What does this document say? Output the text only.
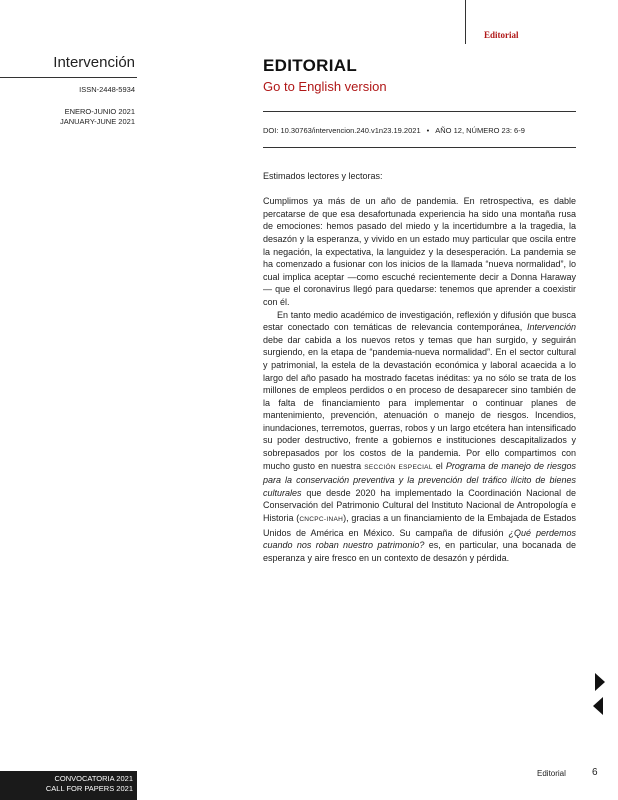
Editorial
Intervención
ISSN-2448-5934
ENERO-JUNIO 2021
JANUARY-JUNE 2021
EDITORIAL
Go to English version
DOI: 10.30763/intervencion.240.v1n23.19.2021 • AÑO 12, NÚMERO 23: 6-9

Estimados lectores y lectoras:

Cumplimos ya más de un año de pandemia. En retrospectiva, es dable percatarse de que esa desafortunada experiencia ha sido una montaña rusa de emociones: hemos pasado del miedo y la incertidumbre a la tragedia, la desazón y la esperanza, y vivido en un estado muy particular que oscila entre la negación, la expectativa, la languidez y la desesperación. La pandemia se ha comenzado a fusionar con los inicios de la llamada “nueva normalidad”, lo cual implica aceptar —como escuché recientemente decir a Donna Haraway— que el coronavirus llegó para quedarse: tenemos que aprender a coexistir con él.

En tanto medio académico de investigación, reflexión y difusión que busca estar conectado con temáticas de relevancia contemporánea, Intervención debe dar cabida a los nuevos retos y temas que han surgido, y seguirán surgiendo, en la etapa de “pandemia-nueva normalidad”. En el sector cultural y patrimonial, la estela de la devastación económica y laboral acaecida a lo largo del año pasado ha mostrado facetas inéditas: ya no sólo se trata de los millones de empleos perdidos o en proceso de desaparecer sino también de la falta de financiamiento para implementar o continuar planes de mantenimiento, prevención, atenuación o manejo de riesgos. Incendios, inundaciones, terremotos, guerras, robos y un largo etcétera han intensificado su poder destructivo, frente a gobiernos e instituciones descapitalizados y sobrepasados por los costos de la pandemia. Por ello compartimos con mucho gusto en nuestra SECCIÓN ESPECIAL el Programa de manejo de riesgos para la conservación preventiva y la prevención del tráfico ilícito de bienes culturales que desde 2020 ha implementado la Coordinación Nacional de Conservación del Patrimonio Cultural del Instituto Nacional de Antropología e Historia (CNCPC-INAH), gracias a un financiamiento de la Embajada de Estados Unidos de América en México. Su campaña de difusión ¿Qué perdemos cuando nos roban nuestro patrimonio? es, en particular, una bocanada de esperanza y aire fresco en un contexto de desazón y pérdida.

CONVOCATORIA 2021
CALL FOR PAPERS 2021
Editorial	6
